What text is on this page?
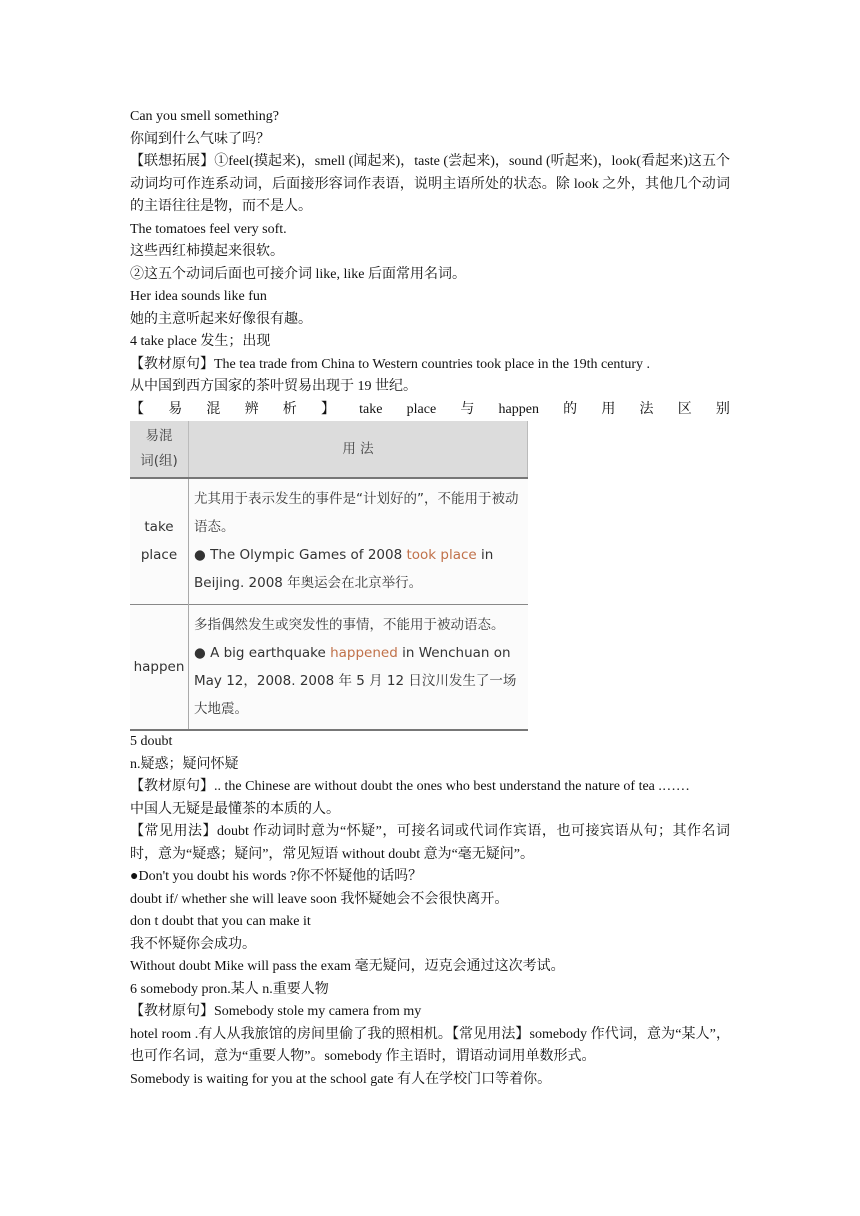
Can you smell something?
你闻到什么气味了吗？
【联想拓展】①feel(摸起来)，smell (闻起来)，taste (尝起来)，sound (听起来)，look(看起来)这五个动词均可作连系动词，后面接形容词作表语，说明主语所处的状态。除 look 之外，其他几个动词的主语往往是物，而不是人。
The tomatoes feel very soft.
这些西红柿摸起来很软。
②这五个动词后面也可接介词 like, like 后面常用名词。
Her idea sounds like fun
她的主意听起来好像很有趣。
4 take place 发生；出现
【教材原句】The tea trade from China to Western countries took place in the 19th century .
从中国到西方国家的茶叶贸易出现于 19 世纪。
【 易 混 辨 析 】 take place 与 happen 的 用 法 区 别
易混
词(组)	用 法
take
place	尤其用于表示发生的事件是“计划好的”，不能用于被动语态。
● The Olympic Games of 2008 took place in Beijing. 2008 年奥运会在北京举行。
happen	多指偶然发生或突发性的事情，不能用于被动语态。
● A big earthquake happened in Wenchuan on May 12，2008. 2008 年 5 月 12 日汶川发生了一场大地震。
5 doubt
n.疑惑；疑问怀疑
【教材原句】.. the Chinese are without doubt the ones who best understand the nature of tea .……
中国人无疑是最懂茶的本质的人。
【常见用法】doubt 作动词时意为“怀疑”，可接名词或代词作宾语，也可接宾语从句；其作名词时，意为“疑惑；疑问”，常见短语 without doubt 意为“毫无疑问”。
●Don't you doubt his words ?你不怀疑他的话吗？
doubt if/ whether she will leave soon 我怀疑她会不会很快离开。
don t doubt that you can make it
我不怀疑你会成功。
Without doubt Mike will pass the exam 毫无疑问，迈克会通过这次考试。
6 somebody pron.某人 n.重要人物
【教材原句】Somebody stole my camera from my
hotel room .有人从我旅馆的房间里偷了我的照相机。【常见用法】somebody 作代词，意为“某人”，也可作名词，意为“重要人物”。somebody 作主语时，谓语动词用单数形式。
Somebody is waiting for you at the school gate 有人在学校门口等着你。
